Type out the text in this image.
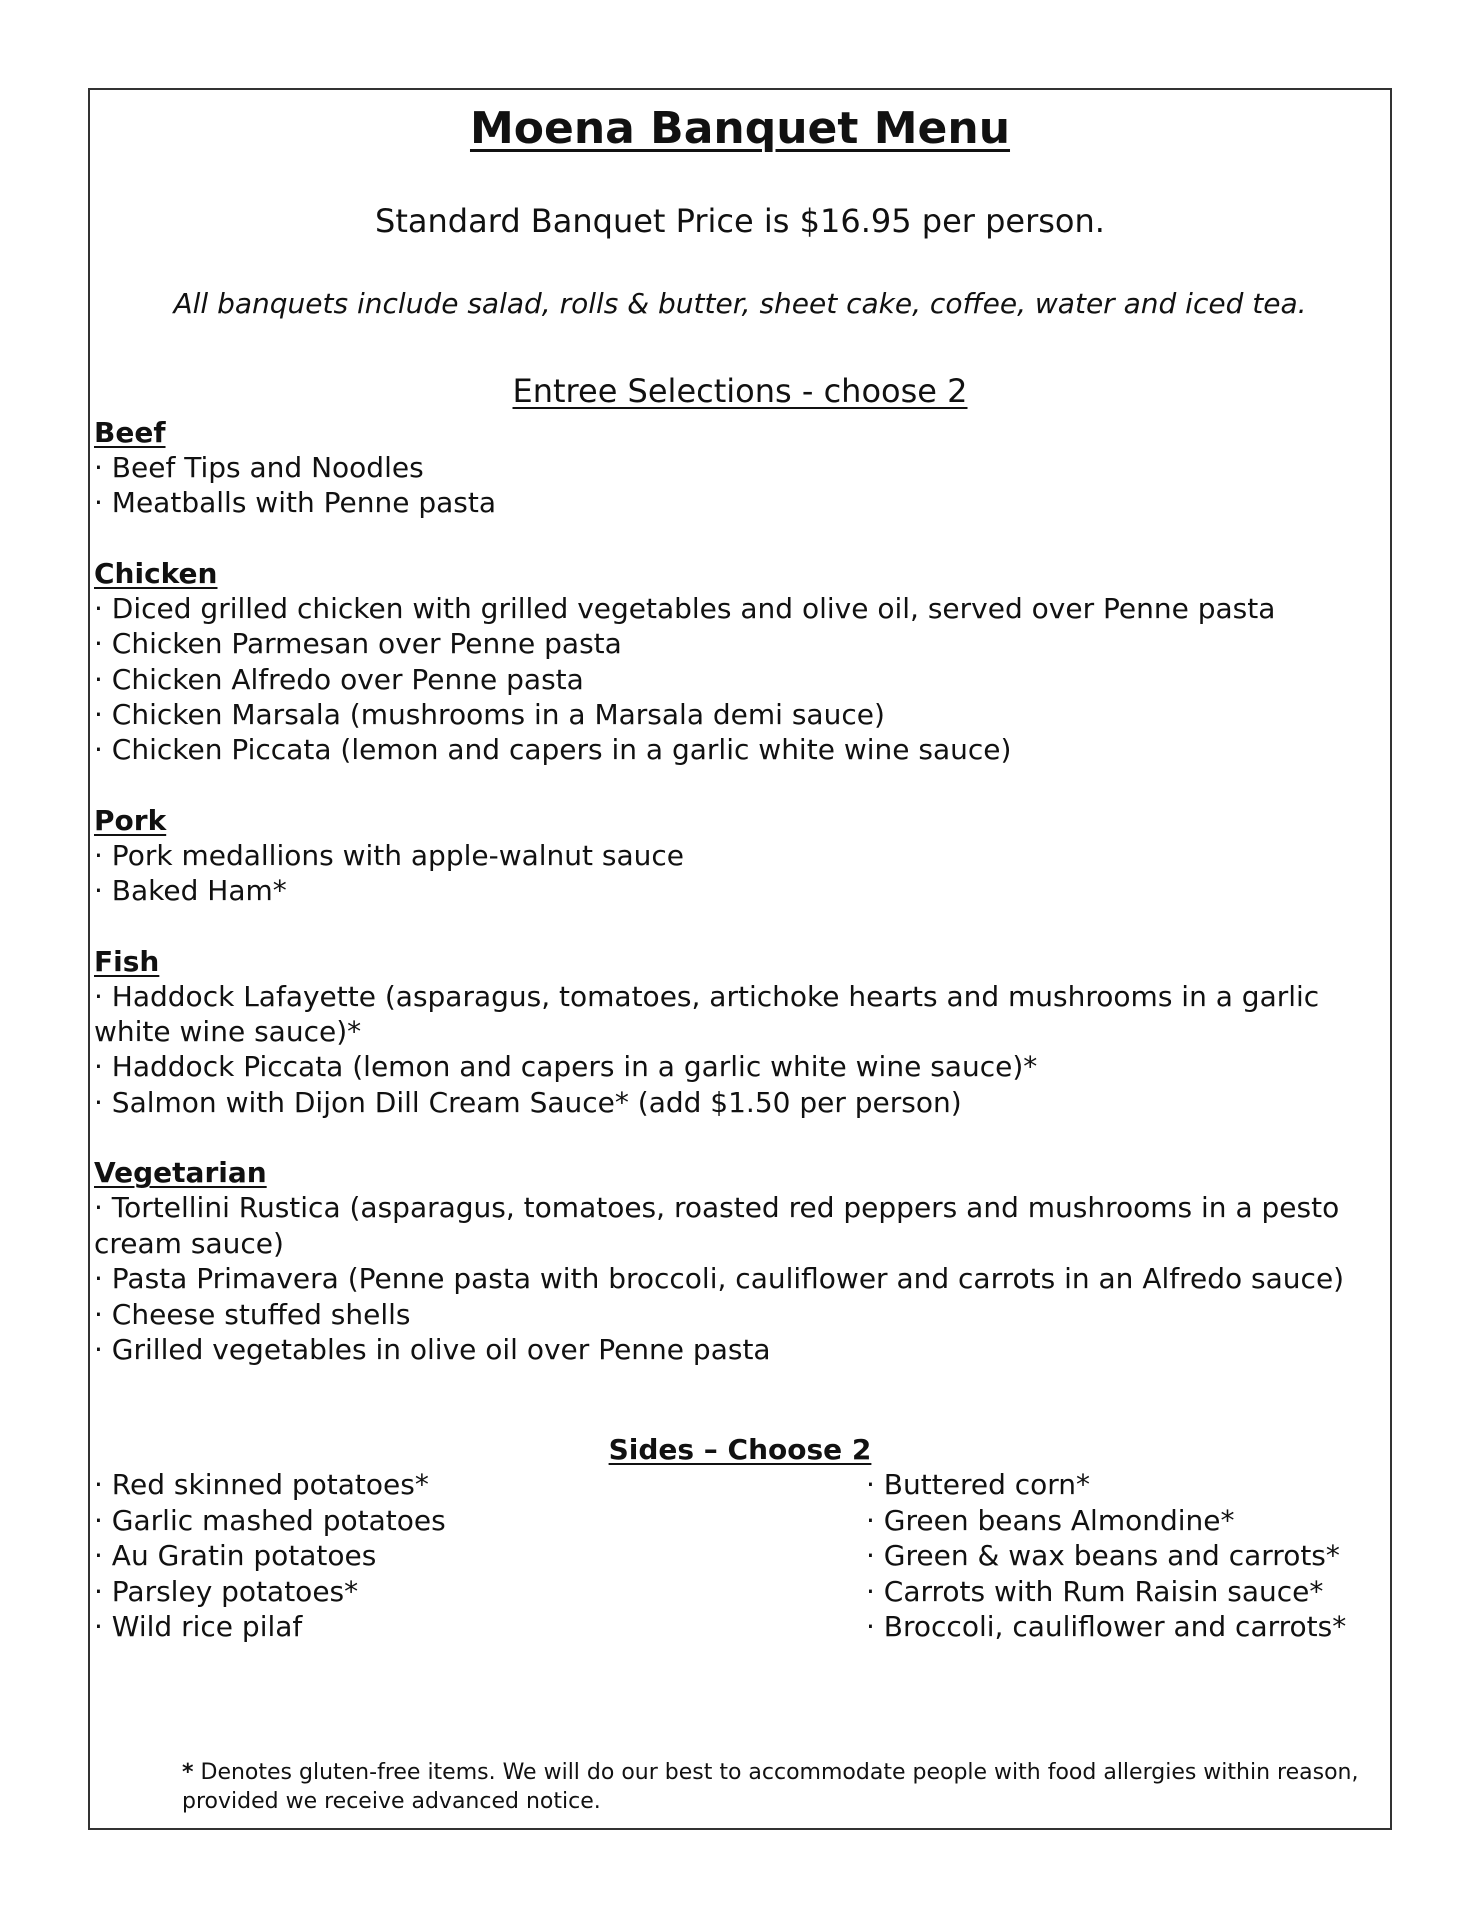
Moena Banquet Menu
Standard Banquet Price is $16.95 per person.
All banquets include salad, rolls & butter, sheet cake, coffee, water and iced tea.
Entree Selections - choose 2
Beef
· Beef Tips and Noodles
· Meatballs with Penne pasta
Chicken
· Diced grilled chicken with grilled vegetables and olive oil, served over Penne pasta
· Chicken Parmesan over Penne pasta
· Chicken Alfredo over Penne pasta
· Chicken Marsala (mushrooms in a Marsala demi sauce)
· Chicken Piccata (lemon and capers in a garlic white wine sauce)
Pork
· Pork medallions with apple-walnut sauce
· Baked Ham*
Fish
· Haddock Lafayette (asparagus, tomatoes, artichoke hearts and mushrooms in a garlic white wine sauce)*
· Haddock Piccata (lemon and capers in a garlic white wine sauce)*
· Salmon with Dijon Dill Cream Sauce* (add $1.50 per person)
Vegetarian
· Tortellini Rustica (asparagus, tomatoes, roasted red peppers and mushrooms in a pesto cream sauce)
· Pasta Primavera (Penne pasta with broccoli, cauliflower and carrots in an Alfredo sauce)
· Cheese stuffed shells
· Grilled vegetables in olive oil over Penne pasta
Sides – Choose 2
· Red skinned potatoes*
· Garlic mashed potatoes
· Au Gratin potatoes
· Parsley potatoes*
· Wild rice pilaf
· Buttered corn*
· Green beans Almondine*
· Green & wax beans and carrots*
· Carrots with Rum Raisin sauce*
· Broccoli, cauliflower and carrots*
* Denotes gluten-free items. We will do our best to accommodate people with food allergies within reason, provided we receive advanced notice.
